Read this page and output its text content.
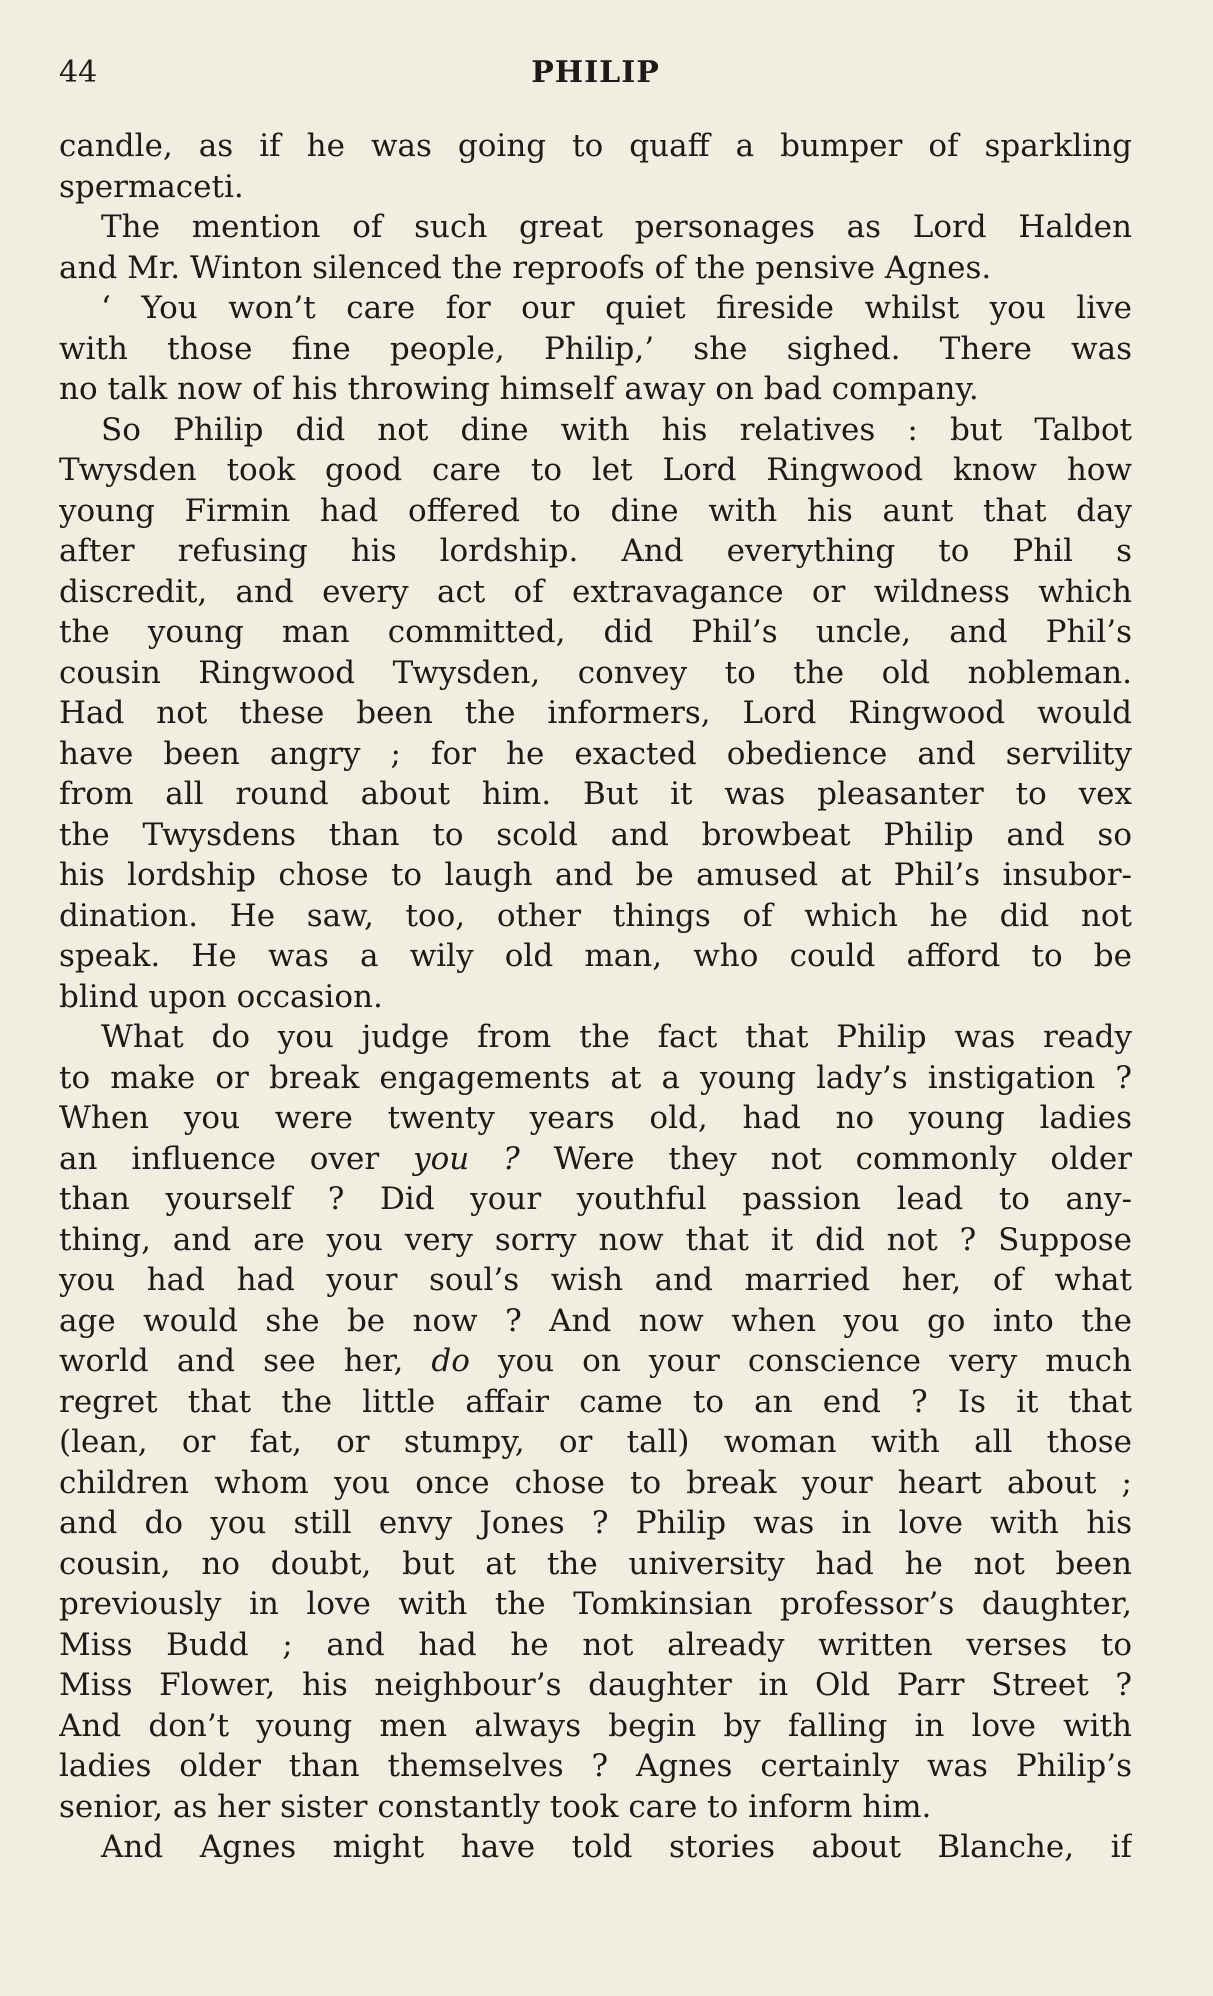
44	PHILIP
candle, as if he was going to quaff a bumper of sparkling
spermaceti.
The mention of such great personages as Lord Halden
and Mr. Winton silenced the reproofs of the pensive Agnes.
‘ You won’t care for our quiet fireside whilst you live
with those fine people, Philip,’ she sighed. There was
no talk now of his throwing himself away on bad company.
So Philip did not dine with his relatives : but Talbot
Twysden took good care to let Lord Ringwood know how
young Firmin had offered to dine with his aunt that day
after refusing his lordship. And everything to Phil s
discredit, and every act of extravagance or wildness which
the young man committed, did Phil’s uncle, and Phil’s
cousin Ringwood Twysden, convey to the old nobleman.
Had not these been the informers, Lord Ringwood would
have been angry ; for he exacted obedience and servility
from all round about him. But it was pleasanter to vex
the Twysdens than to scold and browbeat Philip and so
his lordship chose to laugh and be amused at Phil’s insubor-
dination. He saw, too, other things of which he did not
speak. He was a wily old man, who could afford to be
blind upon occasion.
What do you judge from the fact that Philip was ready
to make or break engagements at a young lady’s instigation ?
When you were twenty years old, had no young ladies
an influence over you ? Were they not commonly older
than yourself ? Did your youthful passion lead to any-
thing, and are you very sorry now that it did not ? Suppose
you had had your soul’s wish and married her, of what
age would she be now ? And now when you go into the
world and see her, do you on your conscience very much
regret that the little affair came to an end ? Is it that
(lean, or fat, or stumpy, or tall) woman with all those
children whom you once chose to break your heart about ;
and do you still envy Jones ? Philip was in love with his
cousin, no doubt, but at the university had he not been
previously in love with the Tomkinsian professor’s daughter,
Miss Budd ; and had he not already written verses to
Miss Flower, his neighbour’s daughter in Old Parr Street ?
And don’t young men always begin by falling in love with
ladies older than themselves ? Agnes certainly was Philip’s
senior, as her sister constantly took care to inform him.
And Agnes might have told stories about Blanche, if
